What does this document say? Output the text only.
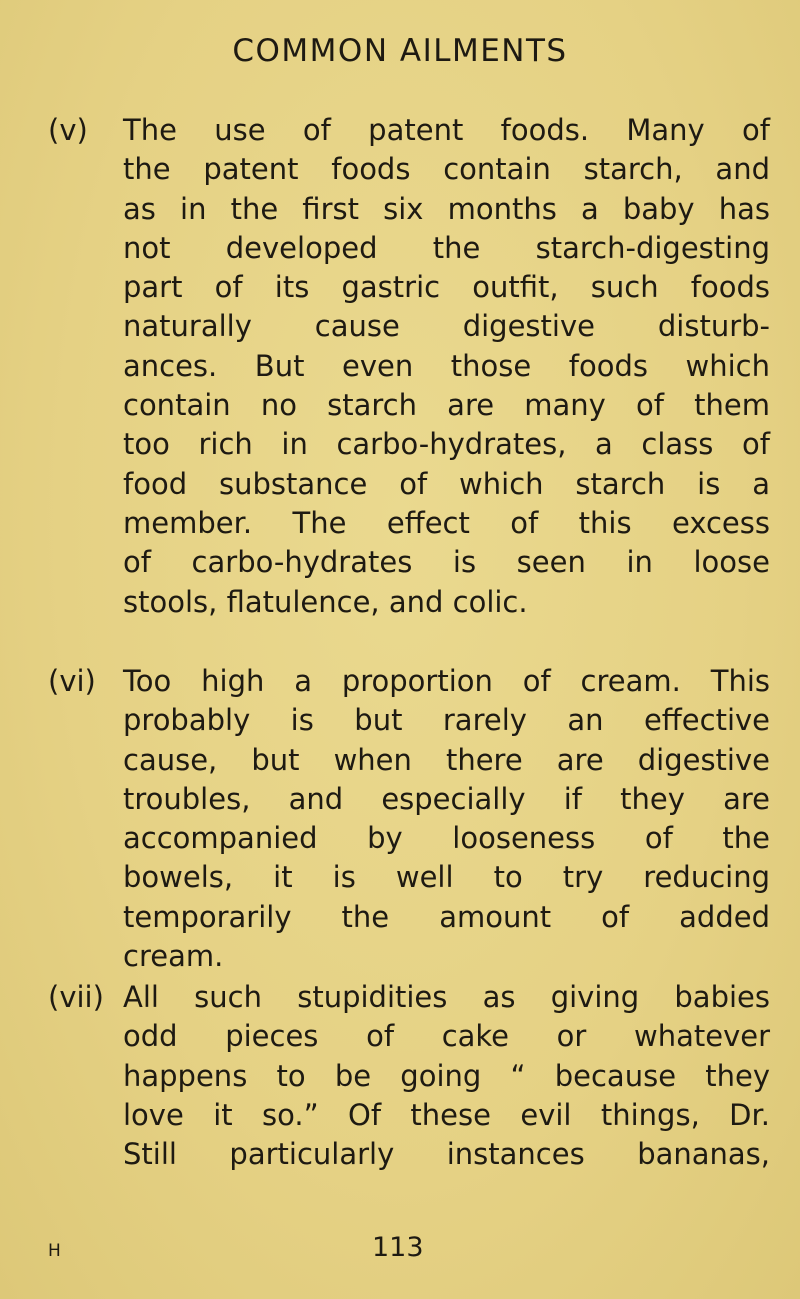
COMMON AILMENTS
(v) The use of patent foods. Many of
the patent foods contain starch, and
as in the first six months a baby has
not developed the starch-digesting
part of its gastric outfit, such foods
naturally cause digestive disturb-
ances. But even those foods which
contain no starch are many of them
too rich in carbo-hydrates, a class of
food substance of which starch is a
member. The effect of this excess
of carbo-hydrates is seen in loose
stools, flatulence, and colic.
(vi) Too high a proportion of cream. This
probably is but rarely an effective
cause, but when there are digestive
troubles, and especially if they are
accompanied by looseness of the
bowels, it is well to try reducing
temporarily the amount of added
cream.
(vii) All such stupidities as giving babies
odd pieces of cake or whatever
happens to be going “ because they
love it so.” Of these evil things, Dr.
Still particularly instances bananas,
H	113
